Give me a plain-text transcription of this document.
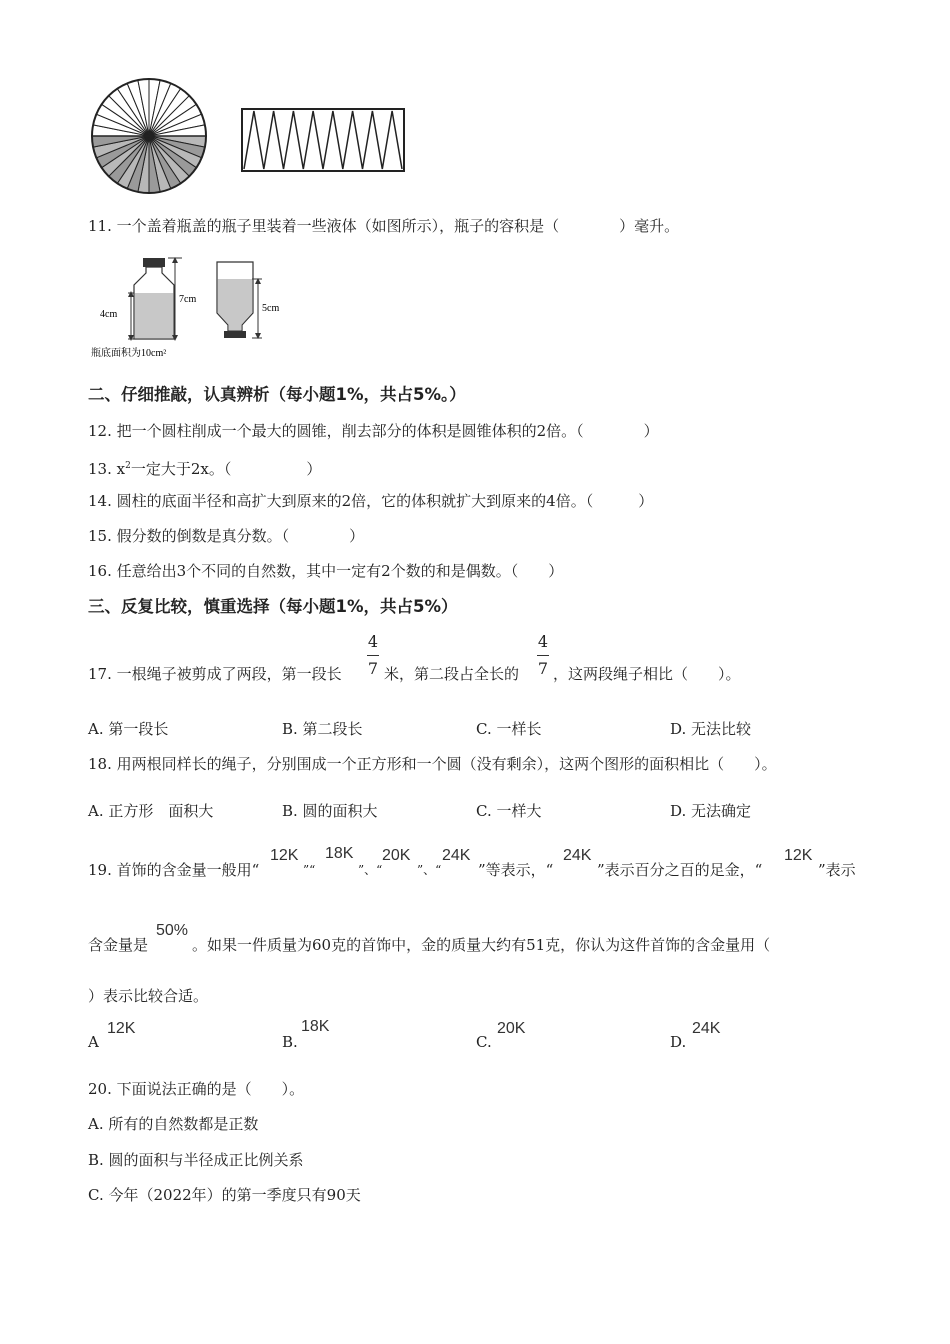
11. 一个盖着瓶盖的瓶子里装着一些液体（如图所示），瓶子的容积是（　　　　）毫升。
4cm
7cm
瓶底面积为10cm²
5cm
二、仔细推敲，认真辨析（每小题1%，共占5%。）
12. 把一个圆柱削成一个最大的圆锥，削去部分的体积是圆锥体积的2倍。（　　　　）
13. $x^2$一定大于2x。（　　　　　）
14. 圆柱的底面半径和高扩大到原来的2倍，它的体积就扩大到原来的4倍。（　　　）
15. 假分数的倒数是真分数。（　　　　）
16. 任意给出3个不同的自然数，其中一定有2个数的和是偶数。（　　）
三、反复比较，慎重选择（每小题1%，共占5%）
17. 一根绳子被剪成了两段，第一段长
4
7 米，第二段占全长的
4
7 ，这两段绳子相比（　　）。
A. 第一段长	B. 第二段长	C. 一样长	D. 无法比较
18. 用两根同样长的绳子，分别围成一个正方形和一个圆（没有剩余），这两个图形的面积相比（　　）。
A. 正方形　面积大	B. 圆的面积大	C. 一样大	D. 无法确定
19. 首饰的含金量一般用“
12K
”“
18K
”、“
20K
”、“
24K
”等表示，“
24K
”表示百分之百的足金，“
12K
”表示
含金量是
50%
。如果一件质量为60克的首饰中，金的质量大约有51克，你认为这件首饰的含金量用（
）表示比较合适。
A
12K
B.
18K
C.
20K
D.
24K
20. 下面说法正确的是（　　）。
A. 所有的自然数都是正数
B. 圆的面积与半径成正比例关系
C. 今年（2022年）的第一季度只有90天
